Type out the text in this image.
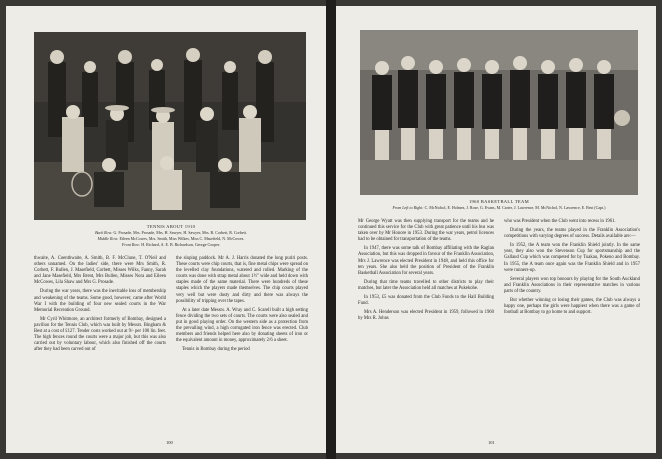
TENNIS ABOUT 1910
Back Row: G. Prosade, Mrs. Prosade, Mrs. H. Sawyer, H. Sawyer, Mrs. R. Corbett, R. Corbett.
Middle Row: Eileen McCowes, Mrs. Smith, Miss Wilkes, Miss C. Masefield, N. McCowes.
Front Row: H. Richard, A. E. B. Richardson, George Cooper.

thwaite, A. Coenthwaite, A. Smith, B. F. McClune, T. O'Neil and others unnamed. On the ladies' side, there were Mrs Smith, R. Corbett, F. Bullen, J. Masefield, Corbett, Misses Wilks, Fanny, Sarah and Jane Masefield, Mrs Brent, Mrs Bullen, Misses Nora and Eileen McCowes, Lila Shaw and Mrs G. Prosade.

During the war years, there was the inevitable loss of membership and weakening of the teams. Some good, however, came after World War I with the building of four new sealed courts in the War Memorial Recreation Ground.

Mr Cyril Whitmore, an architect formerly of Bombay, designed a pavilion for the Tennis Club, which was built by Messrs. Bingham & Best at a cost of £127. Tender costs worked out at 9/- per 100 lin. feet. The high fences round the courts were a major job, but this was also carried out by voluntary labour, which also finished off the courts after they had been carved out of

the sloping paddock. Mr A. J. Harris donated the long puriri posts. These courts were chip courts, that is, fine metal chips were spread on the levelled clay foundations, watered and rolled. Marking of the courts was done with strap metal about 1½" wide and held down with staples made of the same material. There were hundreds of these staples which the players made themselves. The chip courts played very well but were dusty and dirty and there was always the possibility of tripping over the tapes.

At a later date Messrs. A. Wray and C. Scarell built a high setting fence dividing the two sets of courts. The courts were also sealed and put in good playing order. On the western side as a protection from the prevailing wind, a high corrugated iron fence was erected. Club members and friends helped here also by donating sheets of iron or the equivalent amount in money, approximately 2/6 a sheet.

Tennis in Bombay during the period

100
1960 BASKETBALL TEAM
From Left to Right: C. McNichol, E. Holmes, J. Rose, G. Evans, M. Carter, J. Lawrence, M. McNichol, N. Lawrence, E. Best (Capt.)

Mr George Wyatt was then supplying transport for the teams and he continued this service for the Club with great patience until his bus was taken over by Mr Honore in 1953. During the war years, petrol licences had to be obtained for transportation of the teams.

In 1947, there was some talk of Bombay affiliating with the Raglan Association, but this was dropped in favour of the Franklin Association, Mrs J. Lawrence was elected President in 1948, and held this office for ten years. She also held the position of President of the Franklin Basketball Association for several years.

During that time teams travelled to other districts to play their matches, but later the Association held all matches at Pukekohe.

In 1953, £5 was donated from the Club Funds to the Hall Building Fund.

Mrs A. Henderson was elected President in 1959, followed in 1960 by Mrs R. Johns

who was President when the Club went into recess in 1961.

During the years, the teams played in the Franklin Association's competitions with varying degrees of success. Details available are:—

In 1952, the A team won the Franklin Shield jointly. In the same year, they also won the Stevenson Cup for sportsmanship and the Gallaud Cup which was competed for by Tuakau, Pokeno and Bombay. In 1955, the A team once again was the Franklin Shield and in 1957 were runners-up.

Several players won top honours by playing for the South Auckland and Franklin Associations in their representative matches in various parts of the country.

But whether winning or losing their games, the Club was always a happy one, perhaps the girls were happiest when there was a game of football at Bombay to go home to and support.

101
